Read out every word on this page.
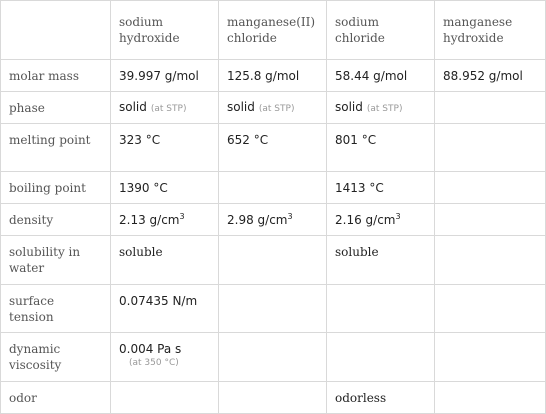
	sodium hydroxide	manganese(II) chloride	sodium chloride	manganese hydroxide
molar mass	39.997 g/mol	125.8 g/mol	58.44 g/mol	88.952 g/mol
phase	solid (at STP)	solid (at STP)	solid (at STP)	
melting point	323 °C	652 °C	801 °C	
boiling point	1390 °C		1413 °C	
density	2.13 $g/cm^3$	2.98 $g/cm^3$	2.16 $g/cm^3$	
solubility in water	soluble		soluble	
surface tension	0.07435 N/m			
dynamic viscosity	0.004 Pa s
(at 350 °C)			

odor			odorless	
